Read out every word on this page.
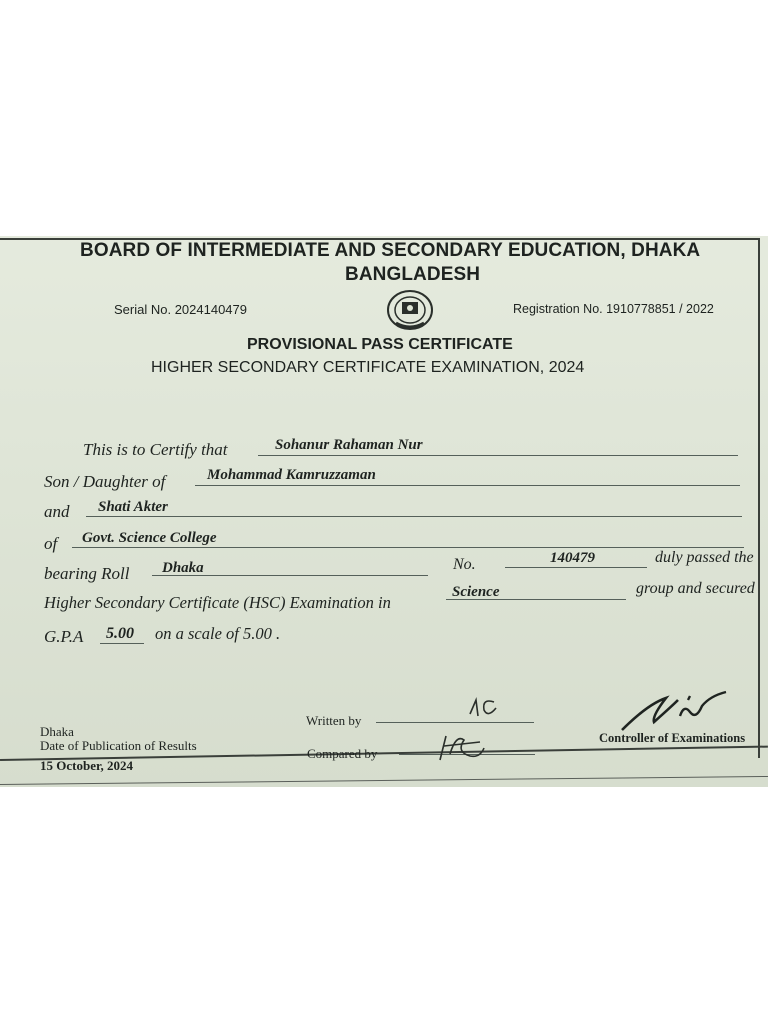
BOARD OF INTERMEDIATE AND SECONDARY EDUCATION, DHAKA
BANGLADESH
Serial No. 2024140479	Registration No. 1910778851 / 2022
PROVISIONAL PASS CERTIFICATE
HIGHER SECONDARY CERTIFICATE EXAMINATION, 2024
This is to Certify that	Sohanur Rahaman Nur
Son / Daughter of	Mohammad Kamruzzaman
and Shati Akter
of Govt. Science College
bearing Roll Dhaka	No.	140479	duly passed the
Higher Secondary Certificate (HSC) Examination in
Science	group and secured
G.P.A 5.00 on a scale of 5.00 .
Dhaka
Date of Publication of Results
15 October, 2024
Written by
Compared by
Controller of Examinations
